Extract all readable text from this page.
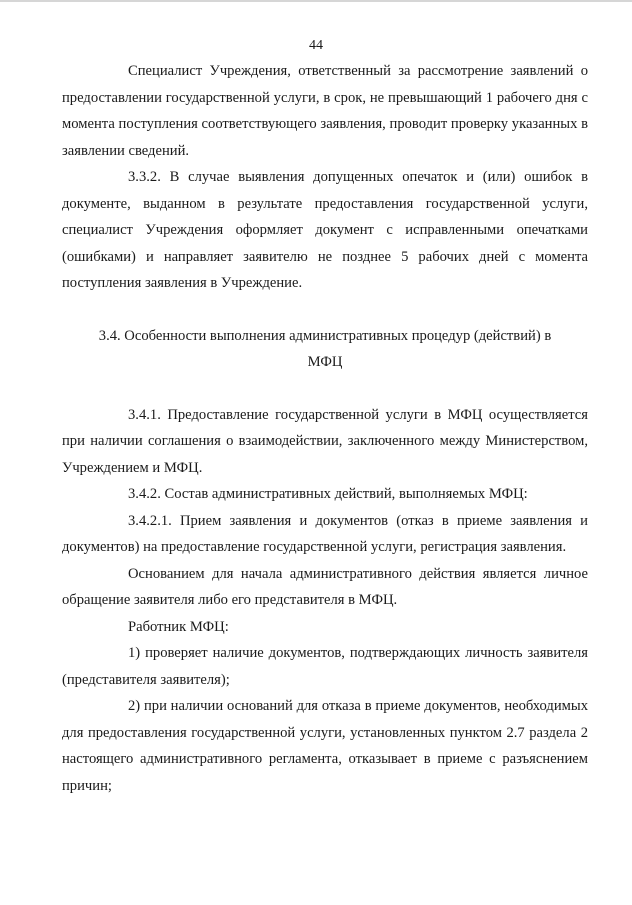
44

Специалист Учреждения, ответственный за рассмотрение заявлений о предоставлении государственной услуги, в срок, не превышающий 1 рабочего дня с момента поступления соответствующего заявления, проводит проверку указанных в заявлении сведений.

3.3.2. В случае выявления допущенных опечаток и (или) ошибок в документе, выданном в результате предоставления государственной услуги, специалист Учреждения оформляет документ с исправленными опечатками (ошибками) и направляет заявителю не позднее 5 рабочих дней с момента поступления заявления в Учреждение.

3.4. Особенности выполнения административных процедур (действий) в

МФЦ

3.4.1. Предоставление государственной услуги в МФЦ осуществляется при наличии соглашения о взаимодействии, заключенного между Министерством, Учреждением и МФЦ.

3.4.2. Состав административных действий, выполняемых МФЦ:

3.4.2.1. Прием заявления и документов (отказ в приеме заявления и документов) на предоставление государственной услуги, регистрация заявления.

Основанием для начала административного действия является личное обращение заявителя либо его представителя в МФЦ.

Работник МФЦ:

1) проверяет наличие документов, подтверждающих личность заявителя (представителя заявителя);

2) при наличии оснований для отказа в приеме документов, необходимых для предоставления государственной услуги, установленных пунктом 2.7 раздела 2 настоящего административного регламента, отказывает в приеме с разъяснением причин;
